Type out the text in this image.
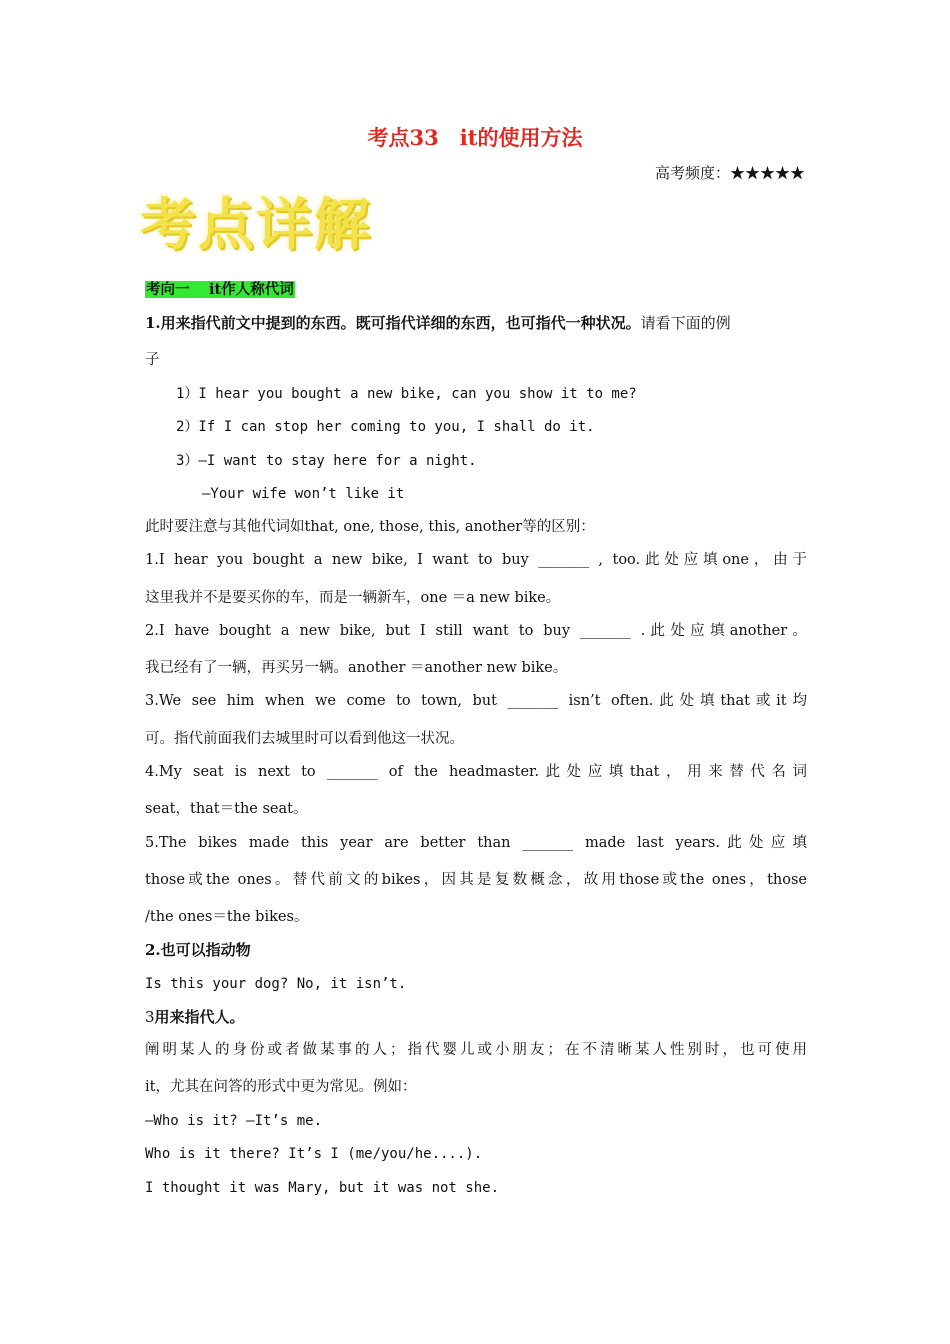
考点33　it的使用方法
高考频度：★★★★★
考点详解
考向一　 it作人称代词
1.用来指代前文中提到的东西。既可指代详细的东西，也可指代一种状况。请看下面的例
子
1）I hear you bought a new bike, can you show it to me?
2）If I can stop her coming to you, I shall do it.
3）—I want to stay here for a night.
—Your wife won’t like it
此时要注意与其他代词如that, one, those, this, another等的区别：
1.I hear you bought a new bike, I want to buy _______ , too.此处应填one，由于
这里我并不是要买你的车，而是一辆新车，one ＝a new bike。
2.I have bought a new bike, but I still want to buy _______ .此处应填another。
我已经有了一辆，再买另一辆。another ＝another new bike。
3.We see him when we come to town, but _______ isn’t often.此处填that或it均
可。指代前面我们去城里时可以看到他这一状况。
4.My seat is next to _______ of the headmaster.此处应填that，用来替代名词
seat，that＝the seat。
5.The bikes made this year are better than _______ made last years.此处应填
those或the ones。替代前文的bikes，因其是复数概念，故用those或the ones，those
/the ones＝the bikes。
2.也可以指动物
Is this your dog? No, it isn’t.
3用来指代人。
阐明某人的身份或者做某事的人；指代婴儿或小朋友；在不清晰某人性别时，也可使用
it，尤其在问答的形式中更为常见。例如：
—Who is it? —It’s me.
Who is it there? It’s I (me/you/he....).
I thought it was Mary, but it was not she.
